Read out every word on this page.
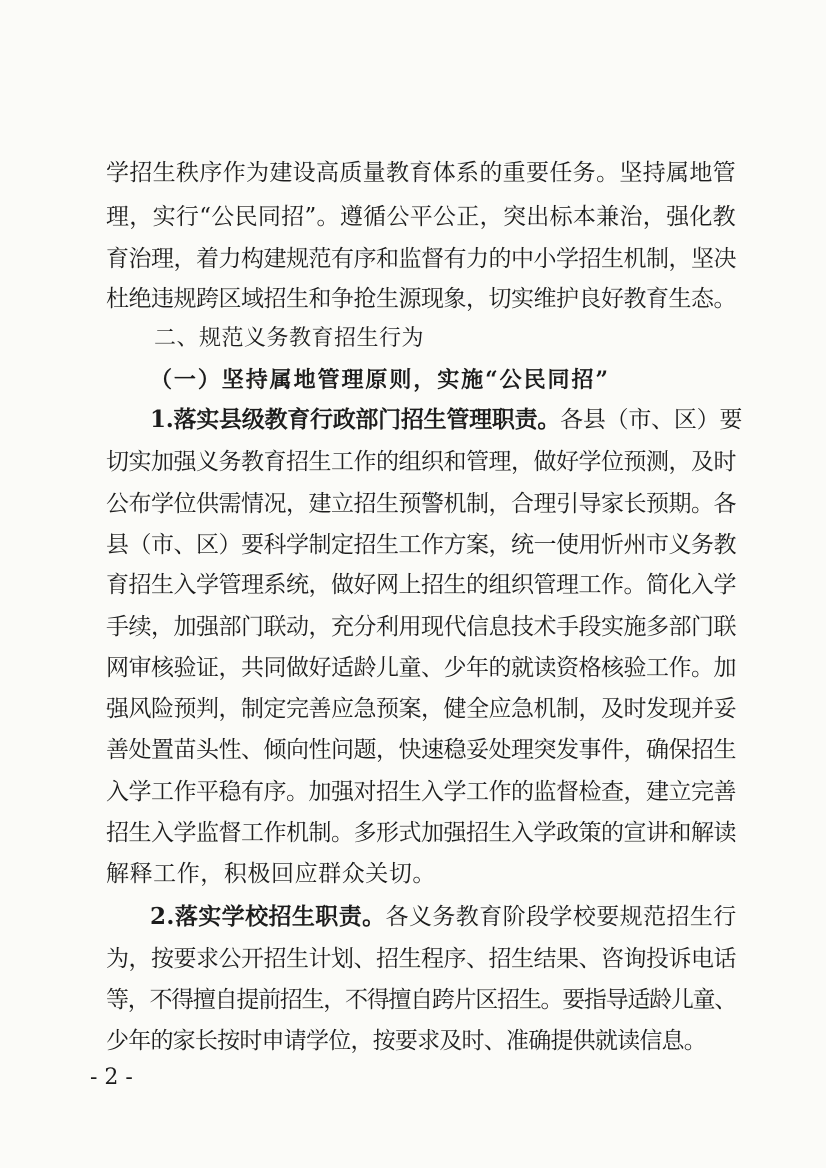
学招生秩序作为建设高质量教育体系的重要任务。坚持属地管
理，实行“公民同招”。遵循公平公正，突出标本兼治，强化教
育治理，着力构建规范有序和监督有力的中小学招生机制，坚决
杜绝违规跨区域招生和争抢生源现象，切实维护良好教育生态。
二、规范义务教育招生行为
（一）坚持属地管理原则，实施“公民同招”
1.落实县级教育行政部门招生管理职责。各县（市、区）要
切实加强义务教育招生工作的组织和管理，做好学位预测，及时
公布学位供需情况，建立招生预警机制，合理引导家长预期。各
县（市、区）要科学制定招生工作方案，统一使用忻州市义务教
育招生入学管理系统，做好网上招生的组织管理工作。简化入学
手续，加强部门联动，充分利用现代信息技术手段实施多部门联
网审核验证，共同做好适龄儿童、少年的就读资格核验工作。加
强风险预判，制定完善应急预案，健全应急机制，及时发现并妥
善处置苗头性、倾向性问题，快速稳妥处理突发事件，确保招生
入学工作平稳有序。加强对招生入学工作的监督检查，建立完善
招生入学监督工作机制。多形式加强招生入学政策的宣讲和解读
解释工作，积极回应群众关切。
2.落实学校招生职责。各义务教育阶段学校要规范招生行
为，按要求公开招生计划、招生程序、招生结果、咨询投诉电话
等，不得擅自提前招生，不得擅自跨片区招生。要指导适龄儿童、
少年的家长按时申请学位，按要求及时、准确提供就读信息。
- 2 -
